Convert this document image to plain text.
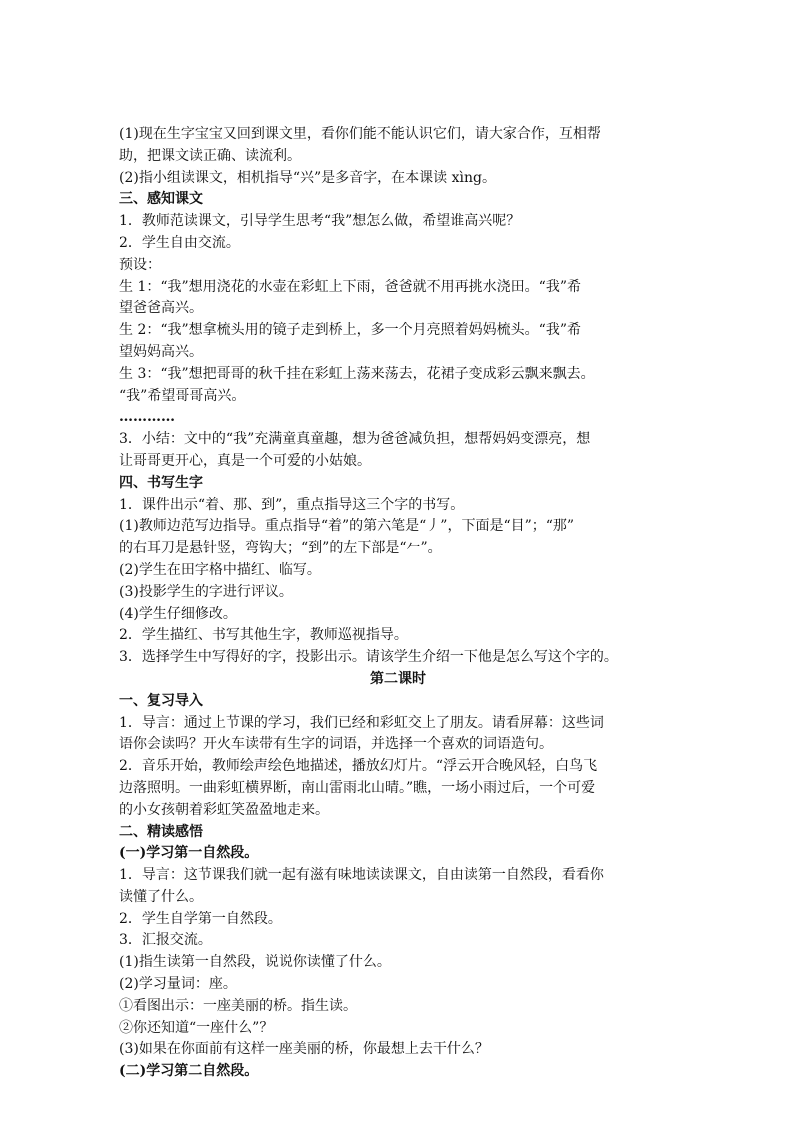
(1)现在生字宝宝又回到课文里，看你们能不能认识它们，请大家合作，互相帮
助，把课文读正确、读流利。
(2)指小组读课文，相机指导“兴”是多音字，在本课读 xìng。
三、感知课文
1．教师范读课文，引导学生思考“我”想怎么做，希望谁高兴呢？
2．学生自由交流。
预设：
生 1：“我”想用浇花的水壶在彩虹上下雨，爸爸就不用再挑水浇田。“我”希
望爸爸高兴。
生 2：“我”想拿梳头用的镜子走到桥上，多一个月亮照着妈妈梳头。“我”希
望妈妈高兴。
生 3：“我”想把哥哥的秋千挂在彩虹上荡来荡去，花裙子变成彩云飘来飘去。
“我”希望哥哥高兴。
…………
3．小结：文中的“我”充满童真童趣，想为爸爸减负担，想帮妈妈变漂亮，想
让哥哥更开心，真是一个可爱的小姑娘。
四、书写生字
1．课件出示“着、那、到”，重点指导这三个字的书写。
(1)教师边范写边指导。重点指导“着”的第六笔是“丿”，下面是“目”；“那”
的右耳刀是悬针竖，弯钩大；“到”的左下部是“𠂉”。
(2)学生在田字格中描红、临写。
(3)投影学生的字进行评议。
(4)学生仔细修改。
2．学生描红、书写其他生字，教师巡视指导。
3．选择学生中写得好的字，投影出示。请该学生介绍一下他是怎么写这个字的。
第二课时
一、复习导入
1．导言：通过上节课的学习，我们已经和彩虹交上了朋友。请看屏幕：这些词
语你会读吗？开火车读带有生字的词语，并选择一个喜欢的词语造句。
2．音乐开始，教师绘声绘色地描述，播放幻灯片。“浮云开合晚风轻，白鸟飞
边落照明。一曲彩虹横界断，南山雷雨北山晴。”瞧，一场小雨过后，一个可爱
的小女孩朝着彩虹笑盈盈地走来。
二、精读感悟
(一)学习第一自然段。
1．导言：这节课我们就一起有滋有味地读读课文，自由读第一自然段，看看你
读懂了什么。
2．学生自学第一自然段。
3．汇报交流。
(1)指生读第一自然段，说说你读懂了什么。
(2)学习量词：座。
①看图出示：一座美丽的桥。指生读。
②你还知道“一座什么”？
(3)如果在你面前有这样一座美丽的桥，你最想上去干什么？
(二)学习第二自然段。
